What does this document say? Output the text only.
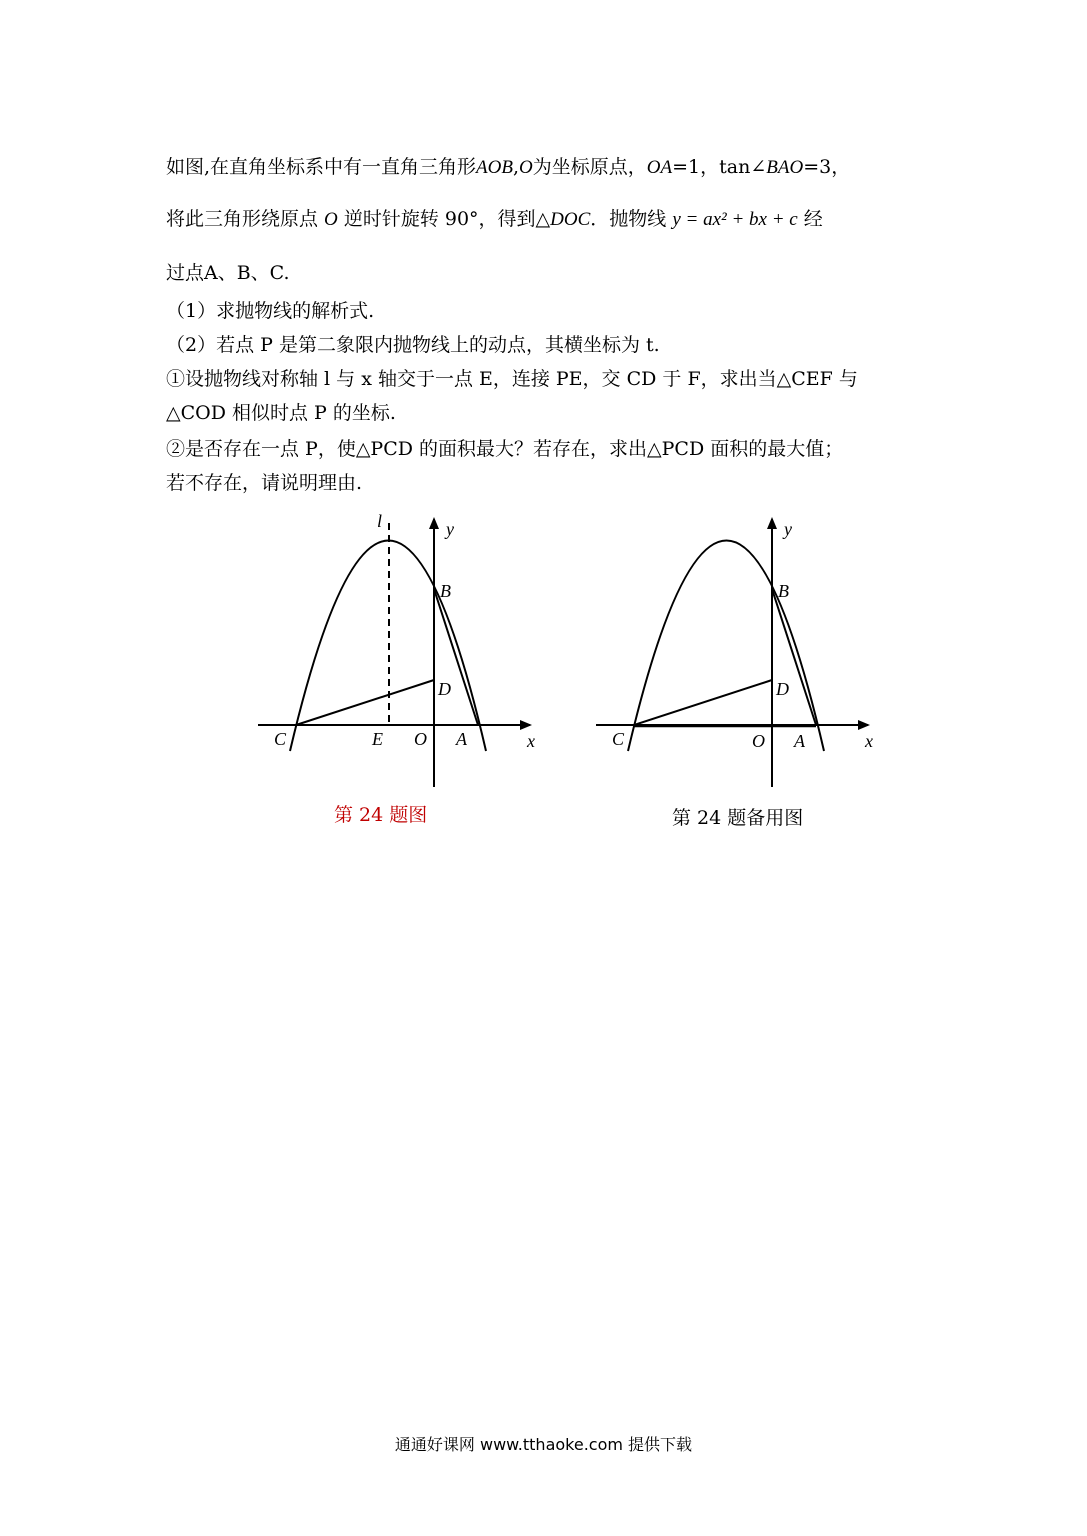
如图,在直角坐标系中有一直角三角形AOB,O为坐标原点，OA=1，tan∠BAO=3，
将此三角形绕原点 O 逆时针旋转 90°，得到△DOC．抛物线 y = ax² + bx + c 经
过点A、B、C.
（1）求抛物线的解析式.
（2）若点 P 是第二象限内抛物线上的动点，其横坐标为 t.
①设抛物线对称轴 l 与 x 轴交于一点 E，连接 PE，交 CD 于 F，求出当△CEF 与
△COD 相似时点 P 的坐标.
②是否存在一点 P，使△PCD 的面积最大？若存在，求出△PCD 面积的最大值；
若不存在，请说明理由.
l	y
B
D
C	E O A	x
第 24 题图
y
B
D
C	O A	x
第 24 题备用图
通通好课网 www.tthaoke.com 提供下载
